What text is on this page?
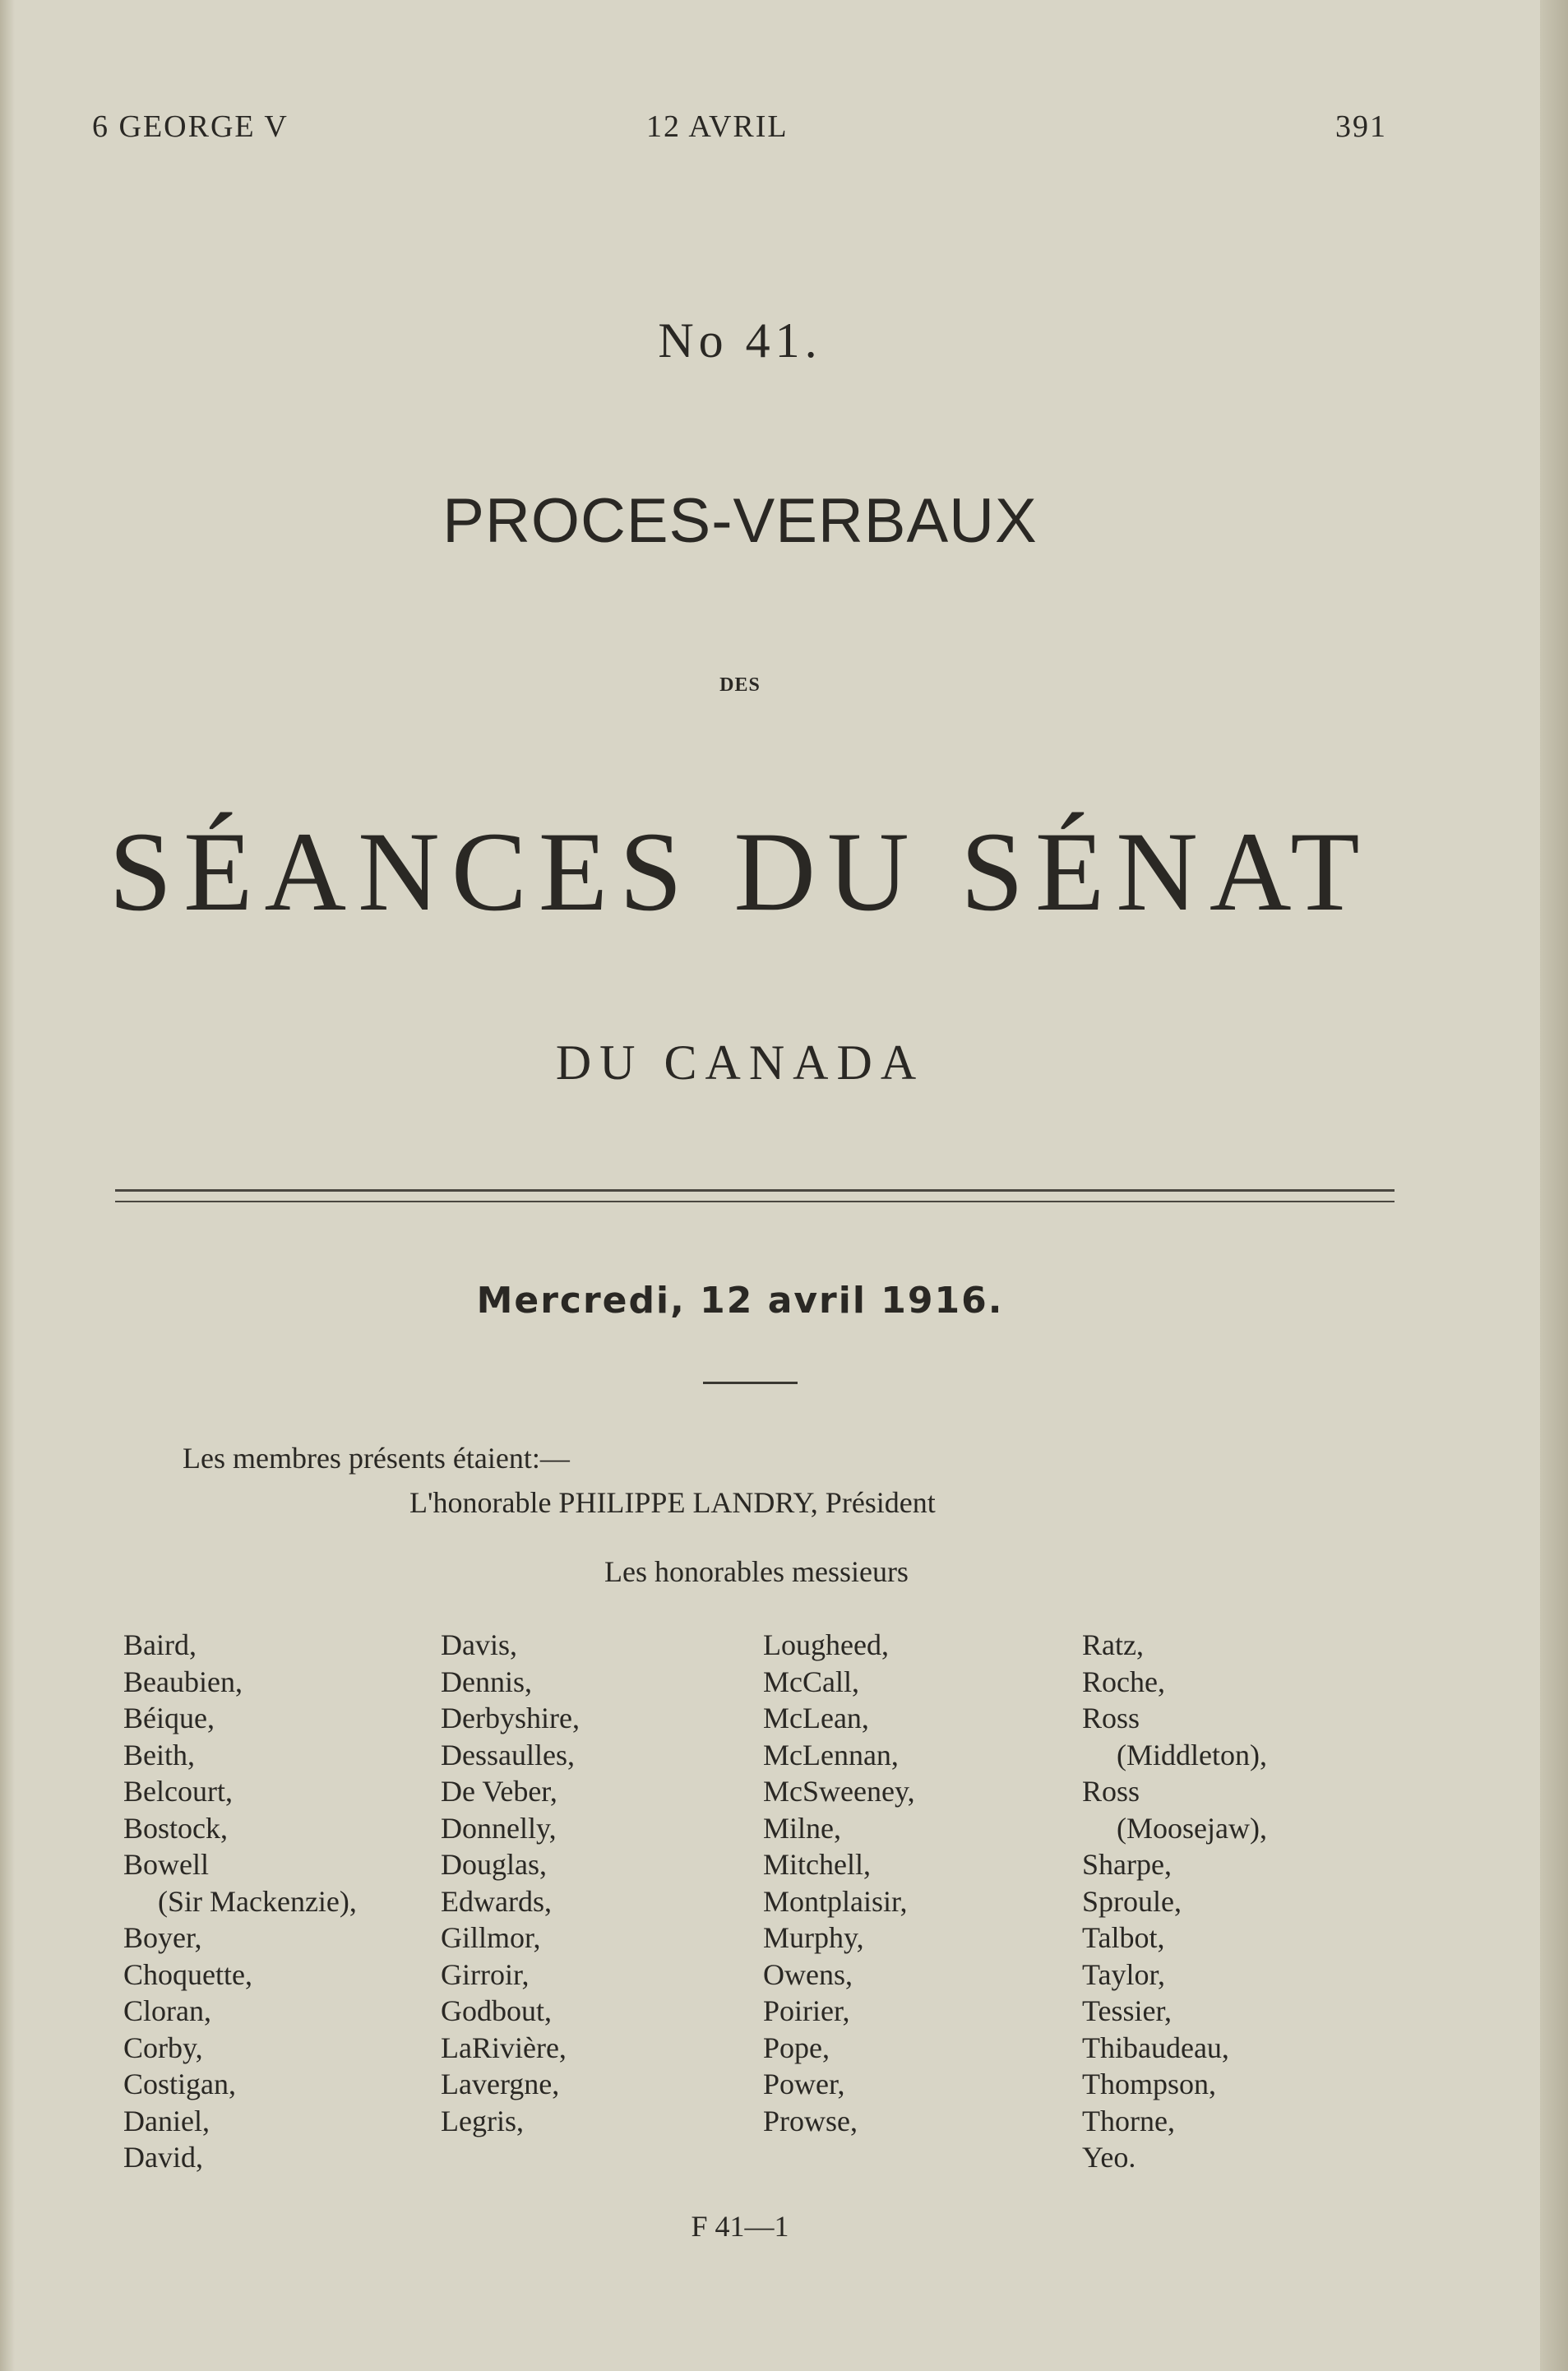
6 GEORGE V	12 AVRIL	391
No 41.
PROCES-VERBAUX
DES
SÉANCES DU SÉNAT
DU CANADA
Mercredi, 12 avril 1916.
Les membres présents étaient:—
L'honorable PHILIPPE LANDRY, Président
Les honorables messieurs
Baird,
Beaubien,
Béique,
Beith,
Belcourt,
Bostock,
Bowell
(Sir Mackenzie),
Boyer,
Choquette,
Cloran,
Corby,
Costigan,
Daniel,
David,
Davis,
Dennis,
Derbyshire,
Dessaulles,
De Veber,
Donnelly,
Douglas,
Edwards,
Gillmor,
Girroir,
Godbout,
LaRivière,
Lavergne,
Legris,
Lougheed,
McCall,
McLean,
McLennan,
McSweeney,
Milne,
Mitchell,
Montplaisir,
Murphy,
Owens,
Poirier,
Pope,
Power,
Prowse,
Ratz,
Roche,
Ross
(Middleton),
Ross
(Moosejaw),
Sharpe,
Sproule,
Talbot,
Taylor,
Tessier,
Thibaudeau,
Thompson,
Thorne,
Yeo.
F 41—1
